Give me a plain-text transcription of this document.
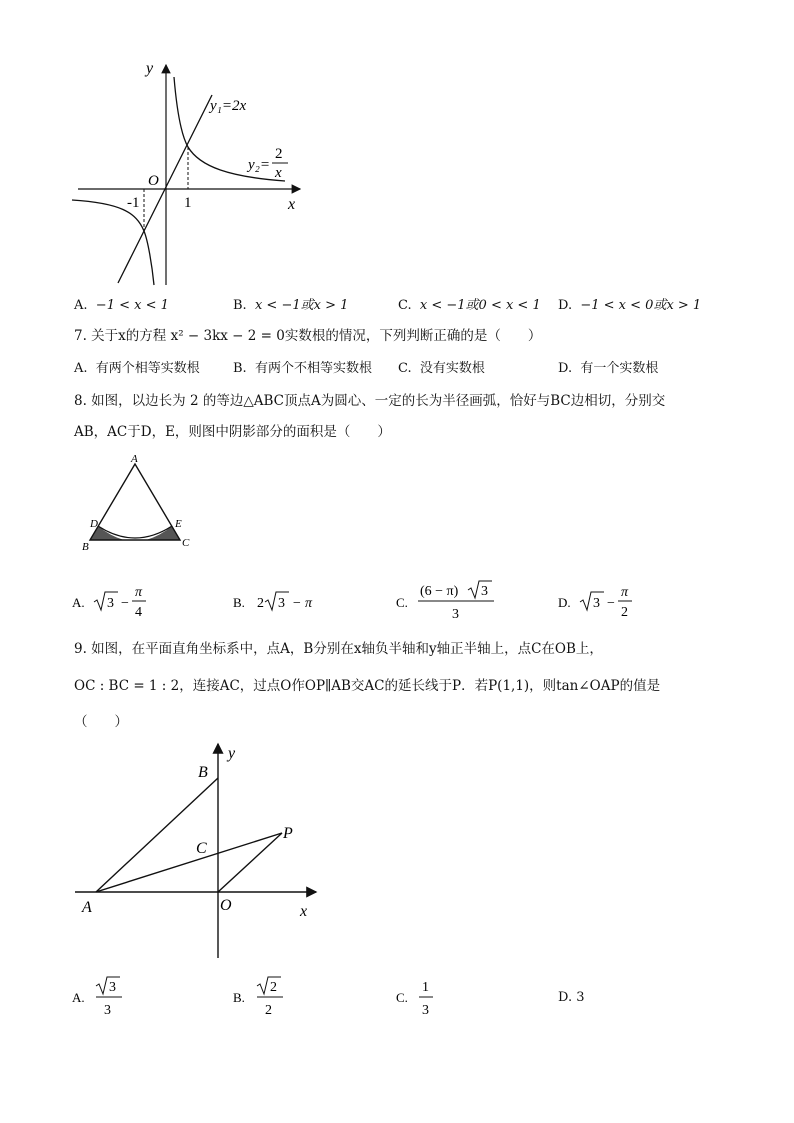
y
x
O
-1	1
y₁=2x
y₂=
2
x
A. −1 < x < 1	B. x < −1或x > 1	C. x < −1或0 < x < 1 D. −1 < x < 0或x > 1
7. 关于x的方程 x² − 3kx − 2 = 0实数根的情况，下列判断正确的是（　　）
A. 有两个相等实数根	B. 有两个不相等实数根 C. 没有实数根	D. 有一个实数根
8. 如图，以边长为 2 的等边△ABC顶点A为圆心、一定的长为半径画弧，恰好与BC边相切，分别交
AB，AC于D，E，则图中阴影部分的面积是（　　）
A
B	C
D	E
A. 3 −
π
4
B. 2 3 − π	C.
(6 − π) 3
3
D. 3 −
π
2
9. 如图，在平面直角坐标系中，点A，B分别在x轴负半轴和y轴正半轴上，点C在OB上，
OC : BC = 1 : 2，连接AC，过点O作OP∥AB交AC的延长线于P．若P(1,1)，则tan∠OAP的值是
（　　）
A
B
C
O
P
x
y
A.
3
3
B.
2
2
C.
1
3
D. 3
